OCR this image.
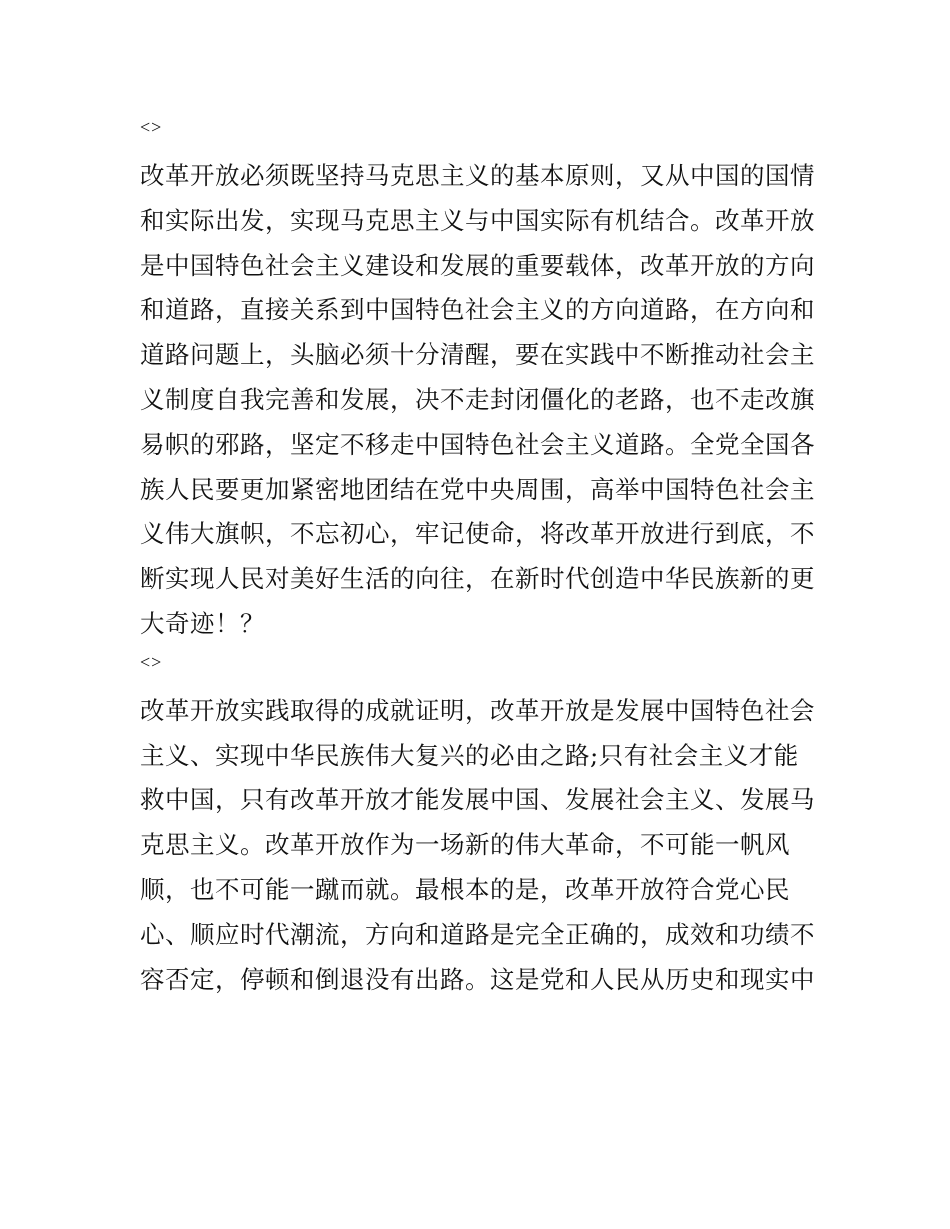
<>

改革开放必须既坚持马克思主义的基本原则，又从中国的国情
和实际出发，实现马克思主义与中国实际有机结合。改革开放
是中国特色社会主义建设和发展的重要载体，改革开放的方向
和道路，直接关系到中国特色社会主义的方向道路，在方向和
道路问题上，头脑必须十分清醒，要在实践中不断推动社会主
义制度自我完善和发展，决不走封闭僵化的老路，也不走改旗
易帜的邪路，坚定不移走中国特色社会主义道路。全党全国各
族人民要更加紧密地团结在党中央周围，高举中国特色社会主
义伟大旗帜，不忘初心，牢记使命，将改革开放进行到底，不
断实现人民对美好生活的向往，在新时代创造中华民族新的更
大奇迹！？

<>

改革开放实践取得的成就证明，改革开放是发展中国特色社会
主义、实现中华民族伟大复兴的必由之路;只有社会主义才能
救中国，只有改革开放才能发展中国、发展社会主义、发展马
克思主义。改革开放作为一场新的伟大革命，不可能一帆风
顺，也不可能一蹴而就。最根本的是，改革开放符合党心民
心、顺应时代潮流，方向和道路是完全正确的，成效和功绩不
容否定，停顿和倒退没有出路。这是党和人民从历史和现实中
